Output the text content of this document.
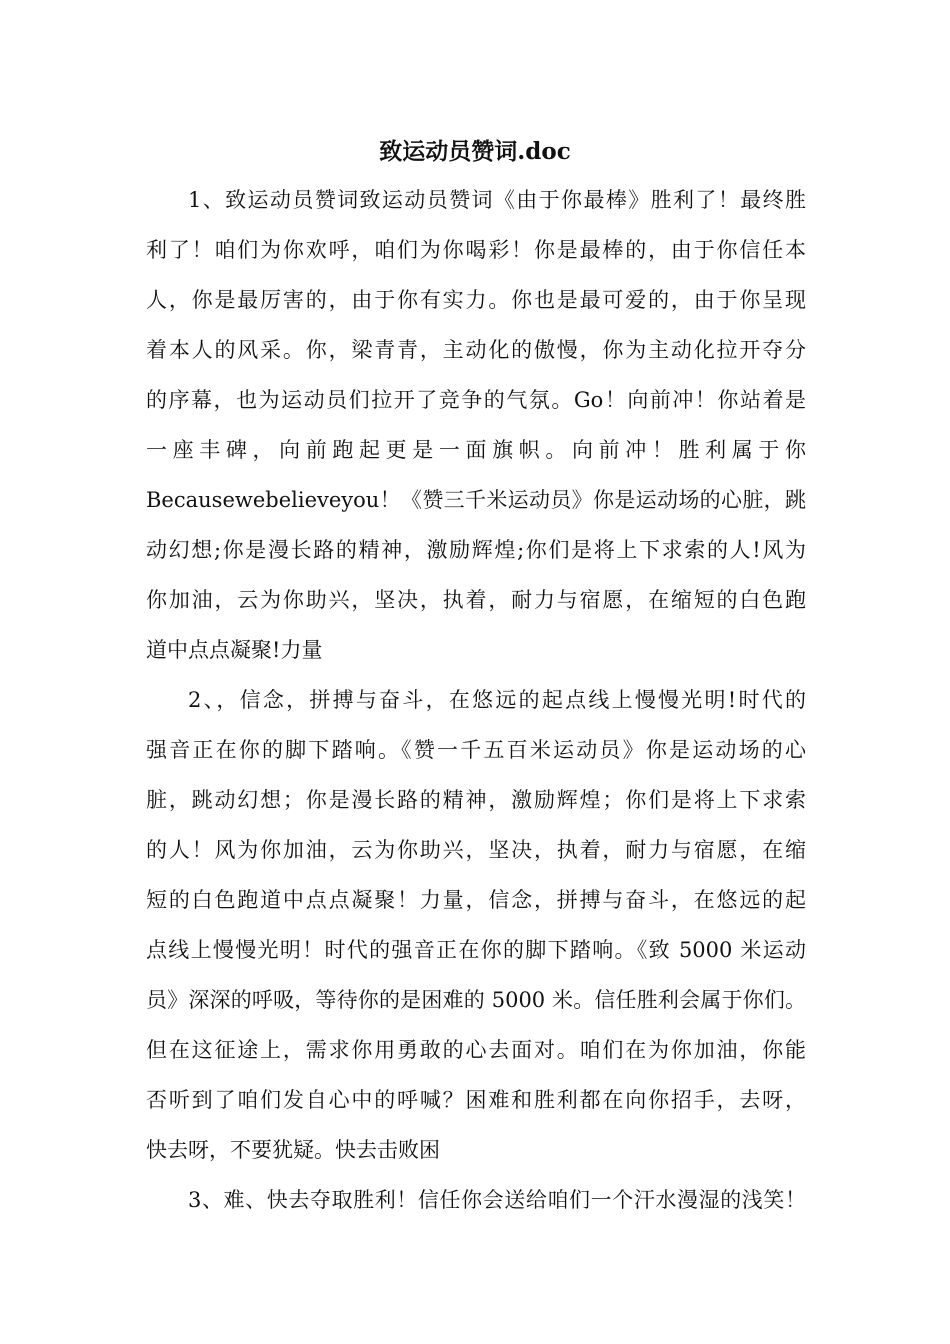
致运动员赞词.doc
1、致运动员赞词致运动员赞词《由于你最棒》胜利了！最终胜
利了！咱们为你欢呼，咱们为你喝彩！你是最棒的，由于你信任本
人，你是最厉害的，由于你有实力。你也是最可爱的，由于你呈现
着本人的风采。你，梁青青，主动化的傲慢，你为主动化拉开夺分
的序幕，也为运动员们拉开了竞争的气氛。Go！向前冲！你站着是
一座丰碑，向前跑起更是一面旗帜。向前冲！胜利属于你
Becausewebelieveyou！《赞三千米运动员》你是运动场的心脏，跳
动幻想;你是漫长路的精神，激励辉煌;你们是将上下求索的人!风为
你加油，云为你助兴，坚决，执着，耐力与宿愿，在缩短的白色跑
道中点点凝聚!力量
2、，信念，拼搏与奋斗，在悠远的起点线上慢慢光明!时代的
强音正在你的脚下踏响。《赞一千五百米运动员》你是运动场的心
脏，跳动幻想；你是漫长路的精神，激励辉煌；你们是将上下求索
的人！风为你加油，云为你助兴，坚决，执着，耐力与宿愿，在缩
短的白色跑道中点点凝聚！力量，信念，拼搏与奋斗，在悠远的起
点线上慢慢光明！时代的强音正在你的脚下踏响。《致 5000 米运动
员》深深的呼吸，等待你的是困难的 5000 米。信任胜利会属于你们。
但在这征途上，需求你用勇敢的心去面对。咱们在为你加油，你能
否听到了咱们发自心中的呼喊？困难和胜利都在向你招手，去呀，
快去呀，不要犹疑。快去击败困
3、难、快去夺取胜利！信任你会送给咱们一个汗水漫湿的浅笑！
